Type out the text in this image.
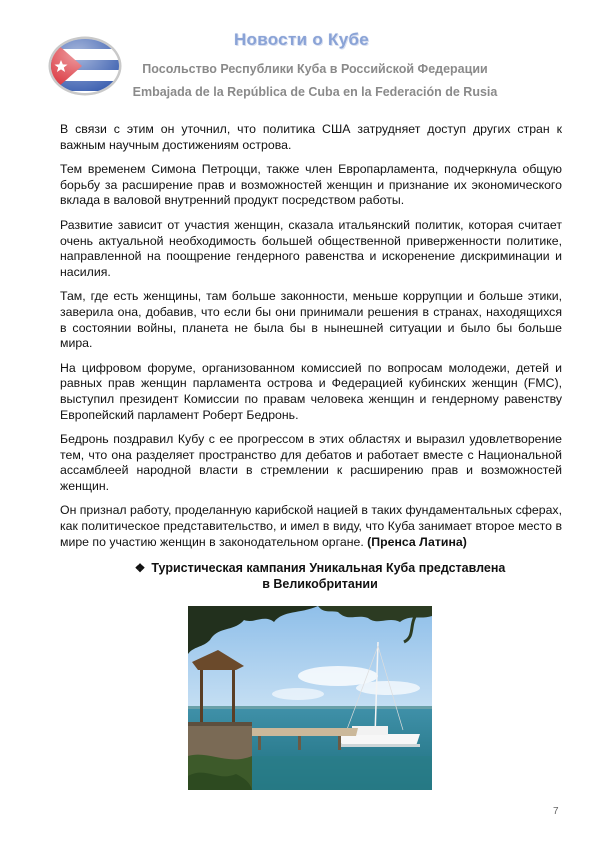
Новости о Кубе
Посольство Республики Куба в Российской Федерации
Embajada de la República de Cuba en la Federación de Rusia

В связи с этим он уточнил, что политика США затрудняет доступ других стран к важным научным достижениям острова.

Тем временем Симона Петроцци, также член Европарламента, подчеркнула общую борьбу за расширение прав и возможностей женщин и признание их экономического вклада в валовой внутренний продукт посредством работы.

Развитие зависит от участия женщин, сказала итальянский политик, которая считает очень актуальной необходимость большей общественной приверженности политике, направленной на поощрение гендерного равенства и искоренение дискриминации и насилия.

Там, где есть женщины, там больше законности, меньше коррупции и больше этики, заверила она, добавив, что если бы они принимали решения в странах, находящихся в состоянии войны, планета не была бы в нынешней ситуации и было бы больше мира.

На цифровом форуме, организованном комиссией по вопросам молодежи, детей и равных прав женщин парламента острова и Федерацией кубинских женщин (FMC), выступил президент Комиссии по правам человека женщин и гендерному равенству Европейский парламент Роберт Бедронь.

Бедронь поздравил Кубу с ее прогрессом в этих областях и выразил удовлетворение тем, что она разделяет пространство для дебатов и работает вместе с Национальной ассамблеей народной власти в стремлении к расширению прав и возможностей женщин.

Он признал работу, проделанную карибской нацией в таких фундаментальных сферах, как политическое представительство, и имел в виду, что Куба занимает второе место в мире по участию женщин в законодательном органе. (Пренса Латина)

❖ Туристическая кампания Уникальная Куба представлена в Великобритании
7
